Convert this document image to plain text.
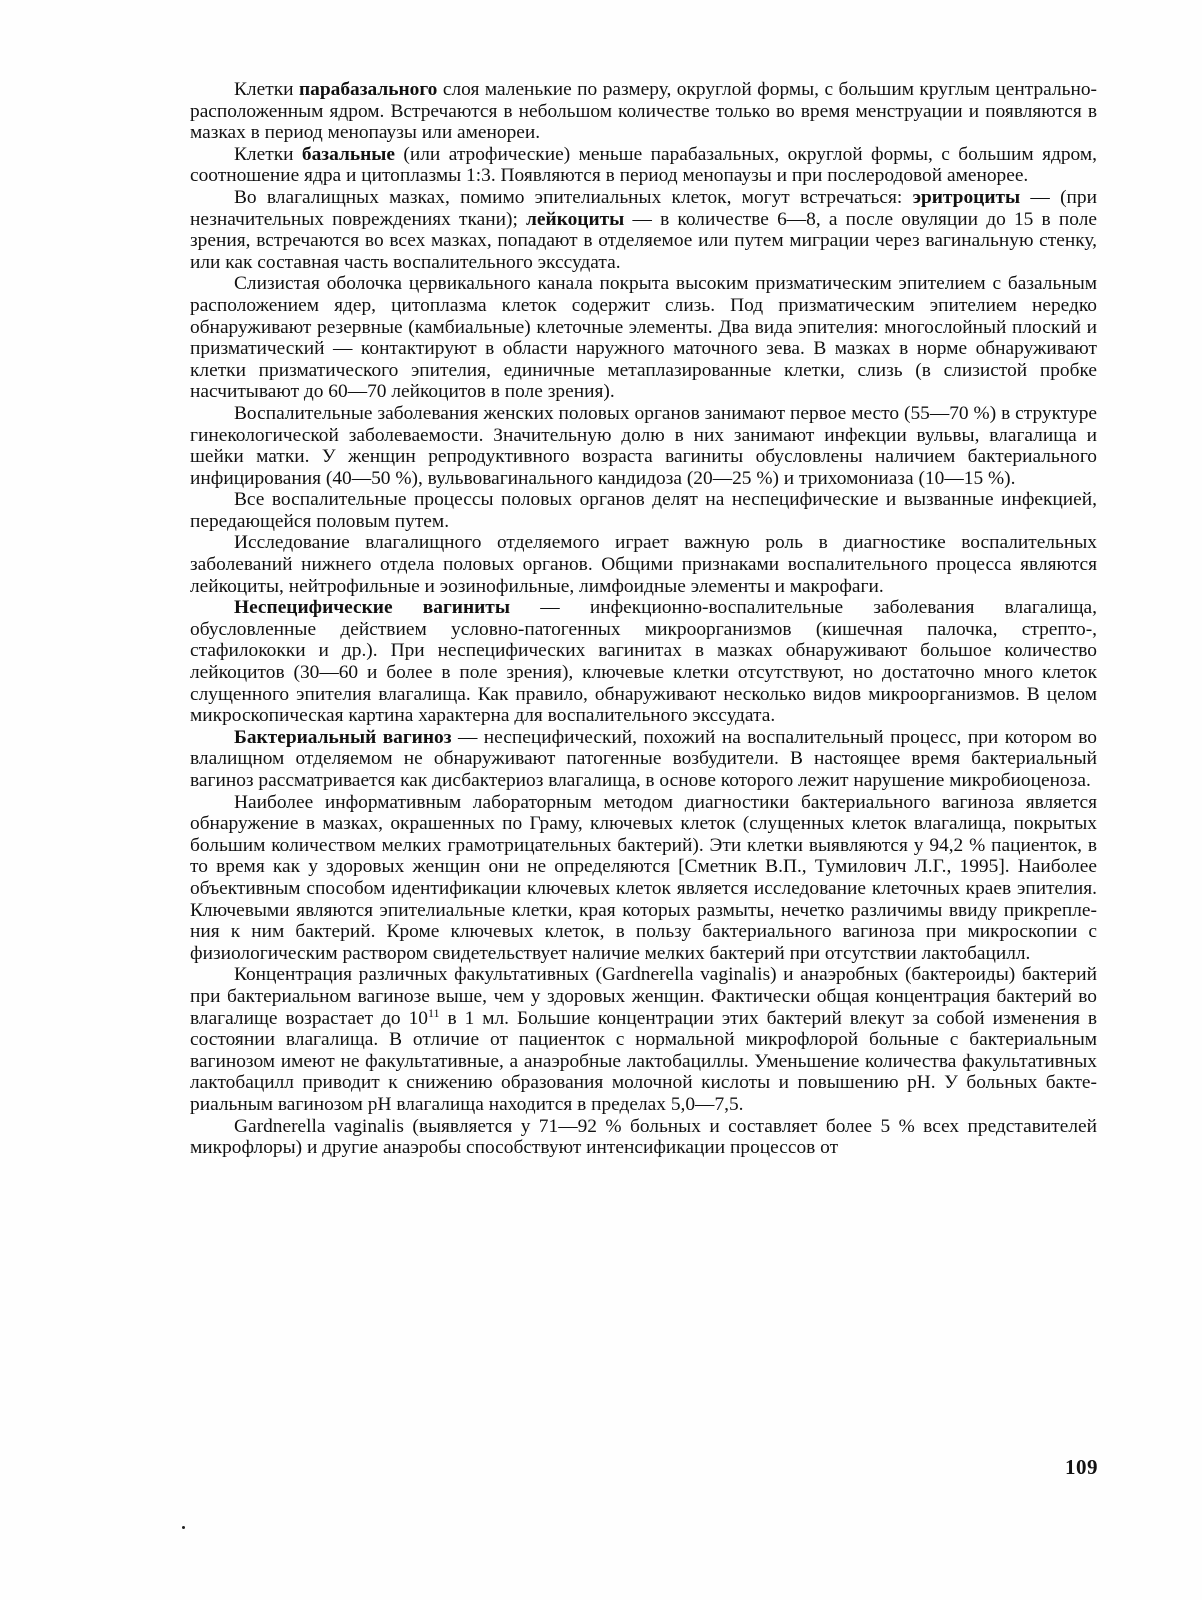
Клетки парабазального слоя маленькие по размеру, округлой формы, с большим круглым центрально-расположенным ядром. Встречаются в небольшом количестве только во время менструации и появляются в мазках в период менопаузы или аменореи.

Клетки базальные (или атрофические) меньше парабазальных, округлой формы, с большим ядром, соотношение ядра и цитоплазмы 1:3. Появляются в период менопаузы и при послеродовой аменорее.

Во влагалищных мазках, помимо эпителиальных клеток, могут встречаться: эритроциты — (при незначительных повреждениях ткани); лейкоциты — в количестве 6—8, а после овуляции до 15 в поле зрения, встречаются во всех мазках, попадают в отделяемое или путем миграции через вагинальную стенку, или как составная часть воспалительного экссудата.

Слизистая оболочка цервикального канала покрыта высоким призматическим эпителием с базальным расположением ядер, цитоплазма клеток содержит слизь. Под призматическим эпителием нередко обнаруживают резервные (камбиальные) клеточные элементы. Два вида эпителия: многослойный плоский и призматический — контактируют в области наружного маточного зева. В мазках в норме обнаруживают клетки призматического эпителия, единичные метаплазированные клетки, слизь (в слизистой пробке насчитывают до 60—70 лейкоцитов в поле зрения).

Воспалительные заболевания женских половых органов занимают первое место (55—70 %) в структуре гинекологической заболеваемости. Значительную долю в них занимают инфекции вульвы, влагалища и шейки матки. У женщин репродуктивного возраста вагиниты обусловлены наличием бактериального инфицирования (40—50 %), вульвовагинального кандидоза (20—25 %) и трихомониаза (10—15 %).

Все воспалительные процессы половых органов делят на неспецифические и вызванные инфекцией, передающейся половым путем.

Исследование влагалищного отделяемого играет важную роль в диагностике воспалительных заболеваний нижнего отдела половых органов. Общими признаками воспалительного процесса являются лейкоциты, нейтрофильные и эозинофильные, лимфоидные элементы и макрофаги.

Неспецифические вагиниты — инфекционно-воспалительные заболевания влагалища, обусловленные действием условно-патогенных микроорганизмов (кишечная палочка, стрепто-, стафилококки и др.). При неспецифических вагинитах в мазках обнаруживают большое количество лейкоцитов (30—60 и более в поле зрения), ключевые клетки отсутствуют, но достаточно много клеток слущенного эпителия влагалища. Как правило, обнаруживают несколько видов микроорганизмов. В целом микроскопическая картина характерна для воспалительного экссудата.

Бактериальный вагиноз — неспецифический, похожий на воспалительный процесс, при котором во влалищном отделяемом не обнаруживают патогенные возбудители. В настоящее время бактериальный вагиноз рассматривается как дисбактериоз влагалища, в основе которого лежит нарушение микробиоценоза.

Наиболее информативным лабораторным методом диагностики бактериального вагиноза является обнаружение в мазках, окрашенных по Граму, ключевых клеток (слущенных клеток влагалища, покрытых большим количеством мелких грамотрицательных бактерий). Эти клетки выявляются у 94,2 % пациенток, в то время как у здоровых женщин они не определяются [Сметник В.П., Тумилович Л.Г., 1995]. Наиболее объективным способом идентификации ключевых клеток является исследование клеточных краев эпителия. Ключевыми являются эпителиальные клетки, края которых размыты, нечетко различимы ввиду прикрепления к ним бактерий. Кроме ключевых клеток, в пользу бактериального вагиноза при микроскопии с физиологическим раствором свидетельствует наличие мелких бактерий при отсутствии лактобацилл.

Концентрация различных факультативных (Gardnerella vaginalis) и анаэробных (бактероиды) бактерий при бактериальном вагинозе выше, чем у здоровых женщин. Фактически общая концентрация бактерий во влагалище возрастает до $10^{11}$ в 1 мл. Большие концентрации этих бактерий влекут за собой изменения в состоянии влагалища. В отличие от пациенток с нормальной микрофлорой больные с бактериальным вагинозом имеют не факультативные, а анаэробные лактобациллы. Уменьшение количества факультативных лактобацилл приводит к снижению образования молочной кислоты и повышению pH. У больных бактериальным вагинозом pH влагалища находится в пределах 5,0—7,5.

Gardnerella vaginalis (выявляется у 71—92 % больных и составляет более 5 % всех представителей микрофлоры) и другие анаэробы способствуют интенсификации процессов от

109
